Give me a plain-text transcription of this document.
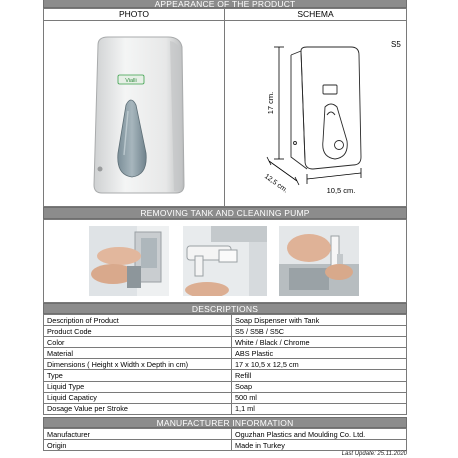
APPEARANCE OF THE PRODUCT
PHOTO
Vialli
SCHEMA
S5
17 cm.
12,5 cm.	10,5 cm.
REMOVING TANK AND CLEANING PUMP
DESCRIPTIONS
Description of Product	Soap Dispenser with Tank
Product Code	S5 / S5B / S5C
Color	White / Black / Chrome
Material	ABS Plastic
Dimensions ( Height x Width x Depth in cm)	17 x 10,5 x 12,5 cm
Type	Refill
Liquid Type	Soap
Liquid Capaticy	500 ml
Dosage Value per Stroke	1,1 ml
MANUFACTURER INFORMATION
Manufacturer	Oguzhan Plastics and Moulding Co. Ltd.
Origin	Made in Turkey
Last Update: 25.11.2020
